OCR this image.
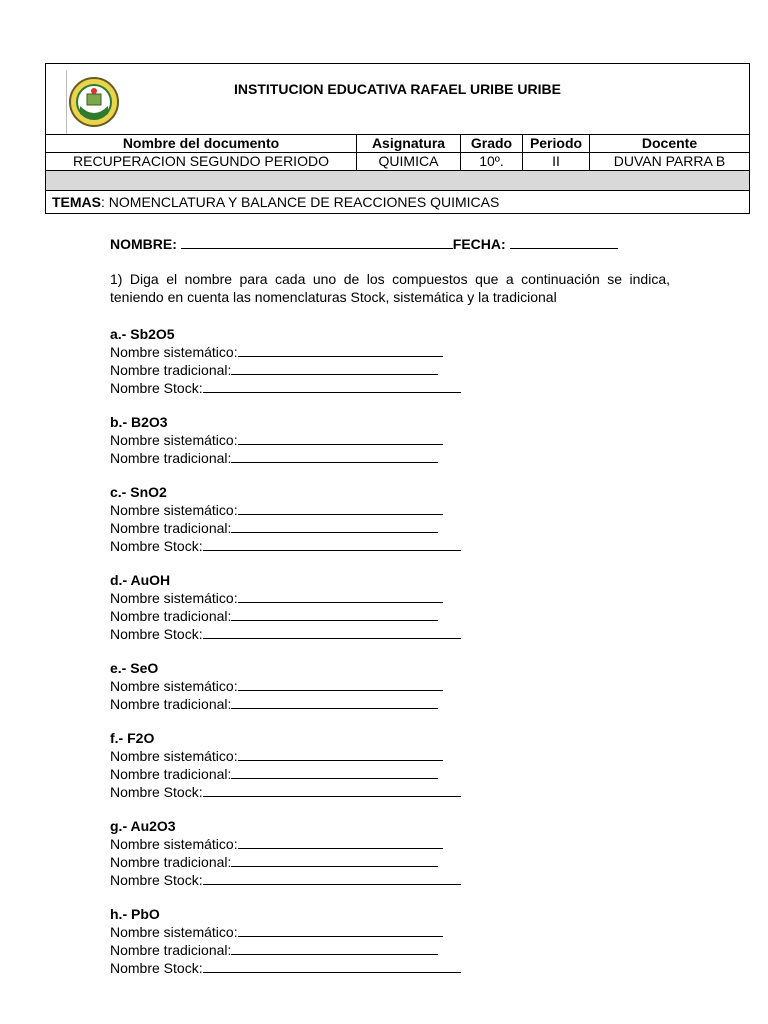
INSTITUCION EDUCATIVA RAFAEL URIBE URIBE
Nombre del documento	Asignatura	Grado	Periodo	Docente
RECUPERACION SEGUNDO PERIODO	QUIMICA	10º.	II	DUVAN PARRA B

TEMAS: NOMENCLATURA Y BALANCE DE REACCIONES QUIMICAS
NOMBRE:	FECHA:
1) Diga el nombre para cada uno de los compuestos que a continuación se indica, teniendo en cuenta las nomenclaturas Stock, sistemática y la tradicional
a.- Sb2O5
Nombre sistemático:
Nombre tradicional:
Nombre Stock:
b.- B2O3
Nombre sistemático:
Nombre tradicional:
c.- SnO2
Nombre sistemático:
Nombre tradicional:
Nombre Stock:
d.- AuOH
Nombre sistemático:
Nombre tradicional:
Nombre Stock:
e.- SeO
Nombre sistemático:
Nombre tradicional:
f.- F2O
Nombre sistemático:
Nombre tradicional:
Nombre Stock:
g.- Au2O3
Nombre sistemático:
Nombre tradicional:
Nombre Stock:
h.- PbO
Nombre sistemático:
Nombre tradicional:
Nombre Stock:
